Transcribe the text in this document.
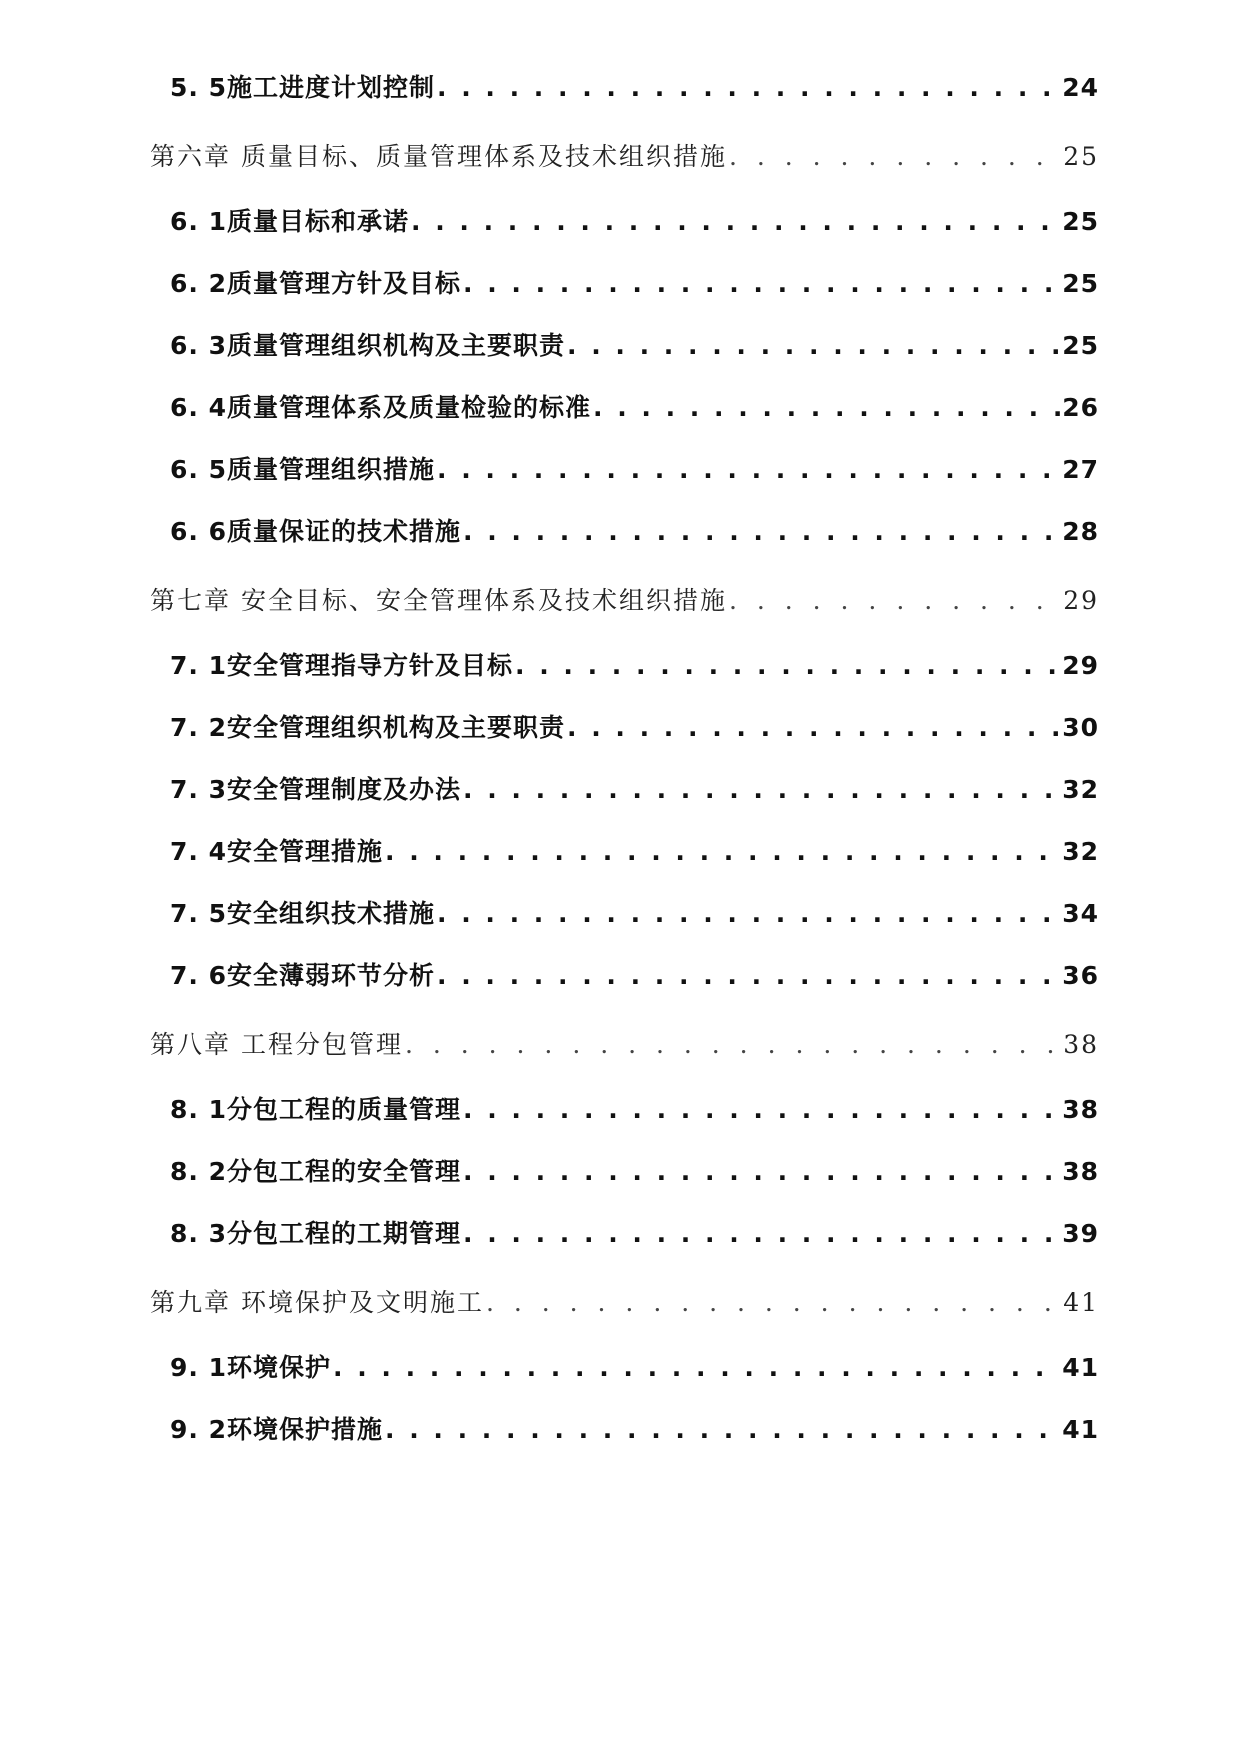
5. 5施工进度计划控制 . . .	24
第六章 质量目标、质量管理体系及技术组织措施 . . .	25
6. 1质量目标和承诺 . . .	25
6. 2质量管理方针及目标 . . .	25
6. 3质量管理组织机构及主要职责 . . .	25
6. 4质量管理体系及质量检验的标准 . . .	26
6. 5质量管理组织措施 . . .	27
6. 6质量保证的技术措施 . . .	28
第七章 安全目标、安全管理体系及技术组织措施 . . .	29
7. 1安全管理指导方针及目标 . . .	29
7. 2安全管理组织机构及主要职责 . . .	30
7. 3安全管理制度及办法 . . .	32
7. 4安全管理措施 . . .	32
7. 5安全组织技术措施 . . .	34
7. 6安全薄弱环节分析 . . .	36
第八章 工程分包管理 . . .	38
8. 1分包工程的质量管理 . . .	38
8. 2分包工程的安全管理 . . .	38
8. 3分包工程的工期管理 . . .	39
第九章 环境保护及文明施工 . . .	41
9. 1环境保护 . . .	41
9. 2环境保护措施 . . .	41
